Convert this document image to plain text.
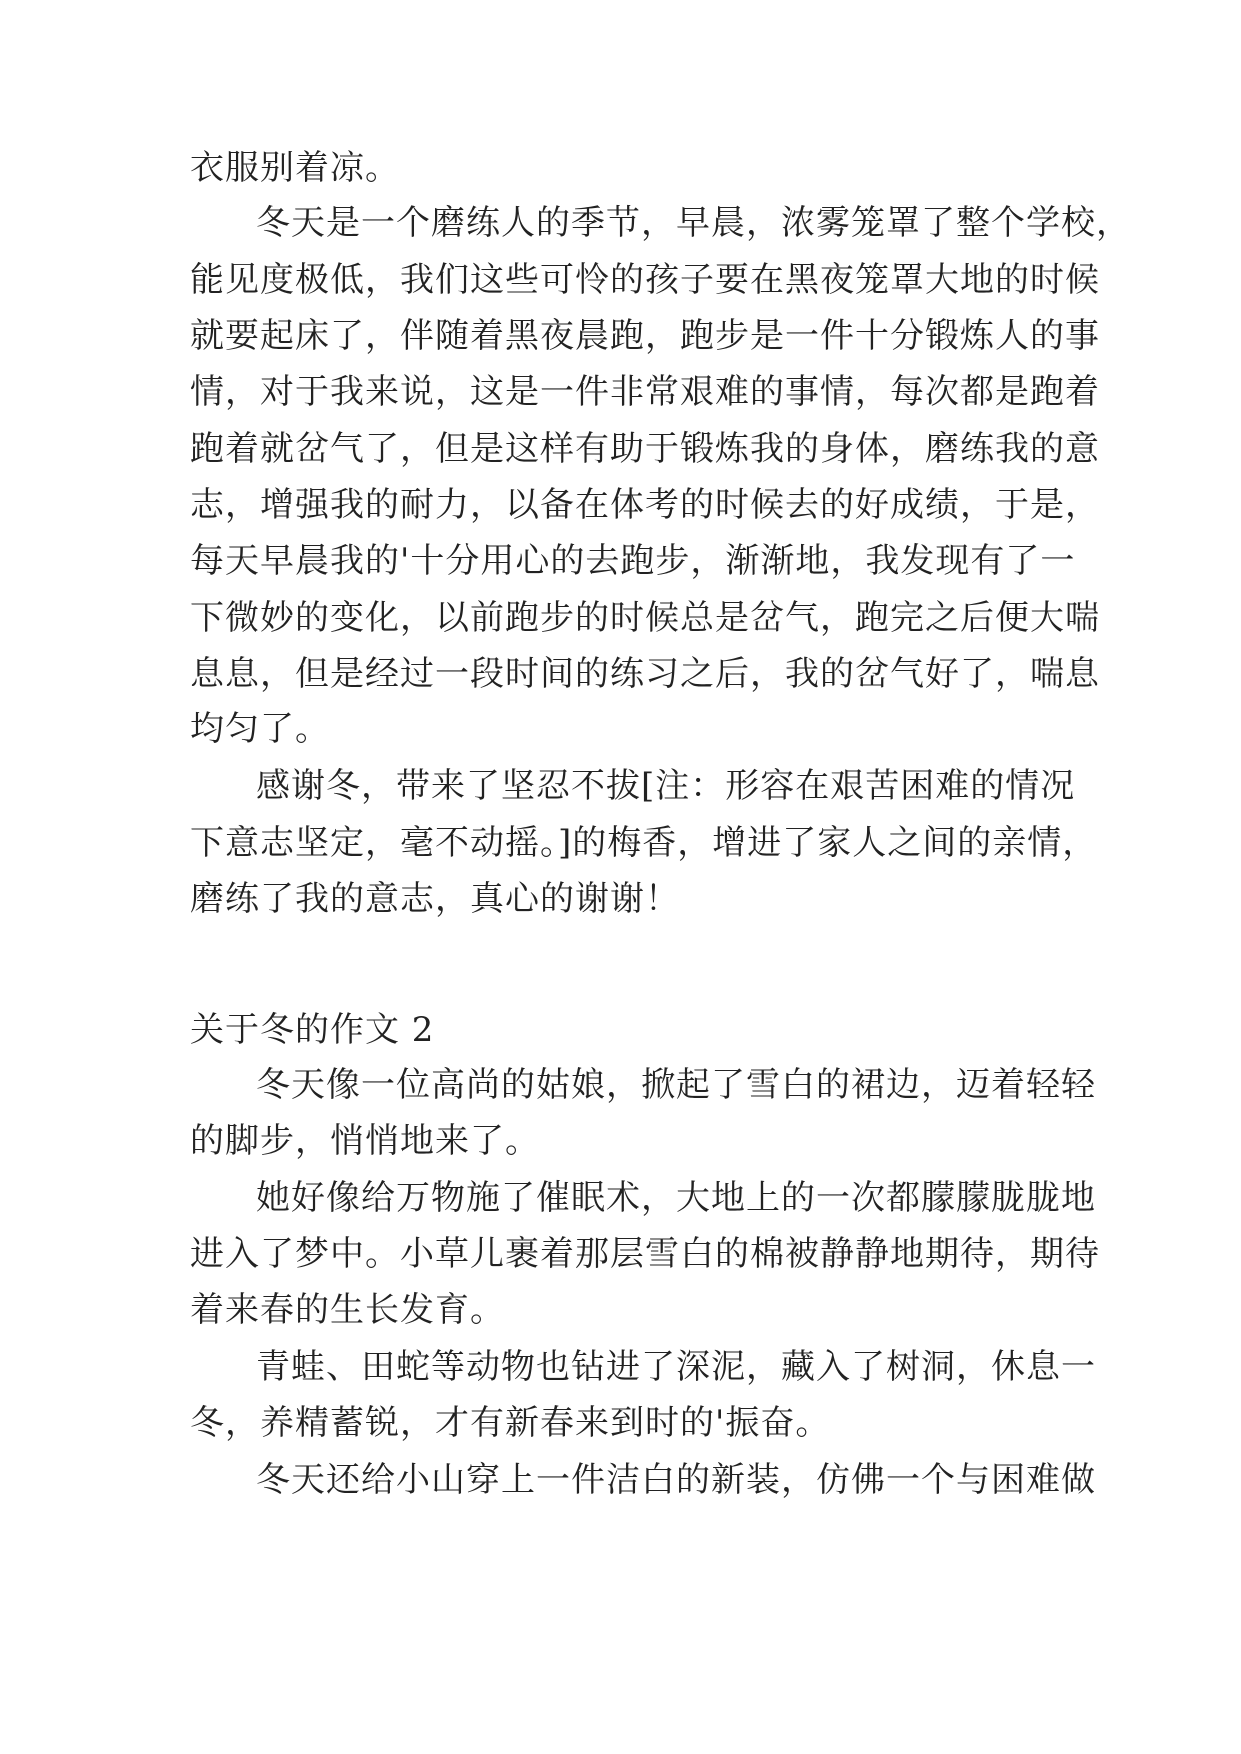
衣服别着凉。
冬天是一个磨练人的季节，早晨，浓雾笼罩了整个学校，
能见度极低，我们这些可怜的孩子要在黑夜笼罩大地的时候
就要起床了，伴随着黑夜晨跑，跑步是一件十分锻炼人的事
情，对于我来说，这是一件非常艰难的事情，每次都是跑着
跑着就岔气了，但是这样有助于锻炼我的身体，磨练我的意
志，增强我的耐力，以备在体考的时候去的好成绩，于是，
每天早晨我的'十分用心的去跑步，渐渐地，我发现有了一
下微妙的变化，以前跑步的时候总是岔气，跑完之后便大喘
息息，但是经过一段时间的练习之后，我的岔气好了，喘息
均匀了。
感谢冬，带来了坚忍不拔[注：形容在艰苦困难的情况
下意志坚定，毫不动摇。]的梅香，增进了家人之间的亲情，
磨练了我的意志，真心的谢谢！
关于冬的作文 2
冬天像一位高尚的姑娘，掀起了雪白的裙边，迈着轻轻
的脚步，悄悄地来了。
她好像给万物施了催眠术，大地上的一次都朦朦胧胧地
进入了梦中。小草儿裹着那层雪白的棉被静静地期待，期待
着来春的生长发育。
青蛙、田蛇等动物也钻进了深泥，藏入了树洞，休息一
冬，养精蓄锐，才有新春来到时的'振奋。
冬天还给小山穿上一件洁白的新装，仿佛一个与困难做
